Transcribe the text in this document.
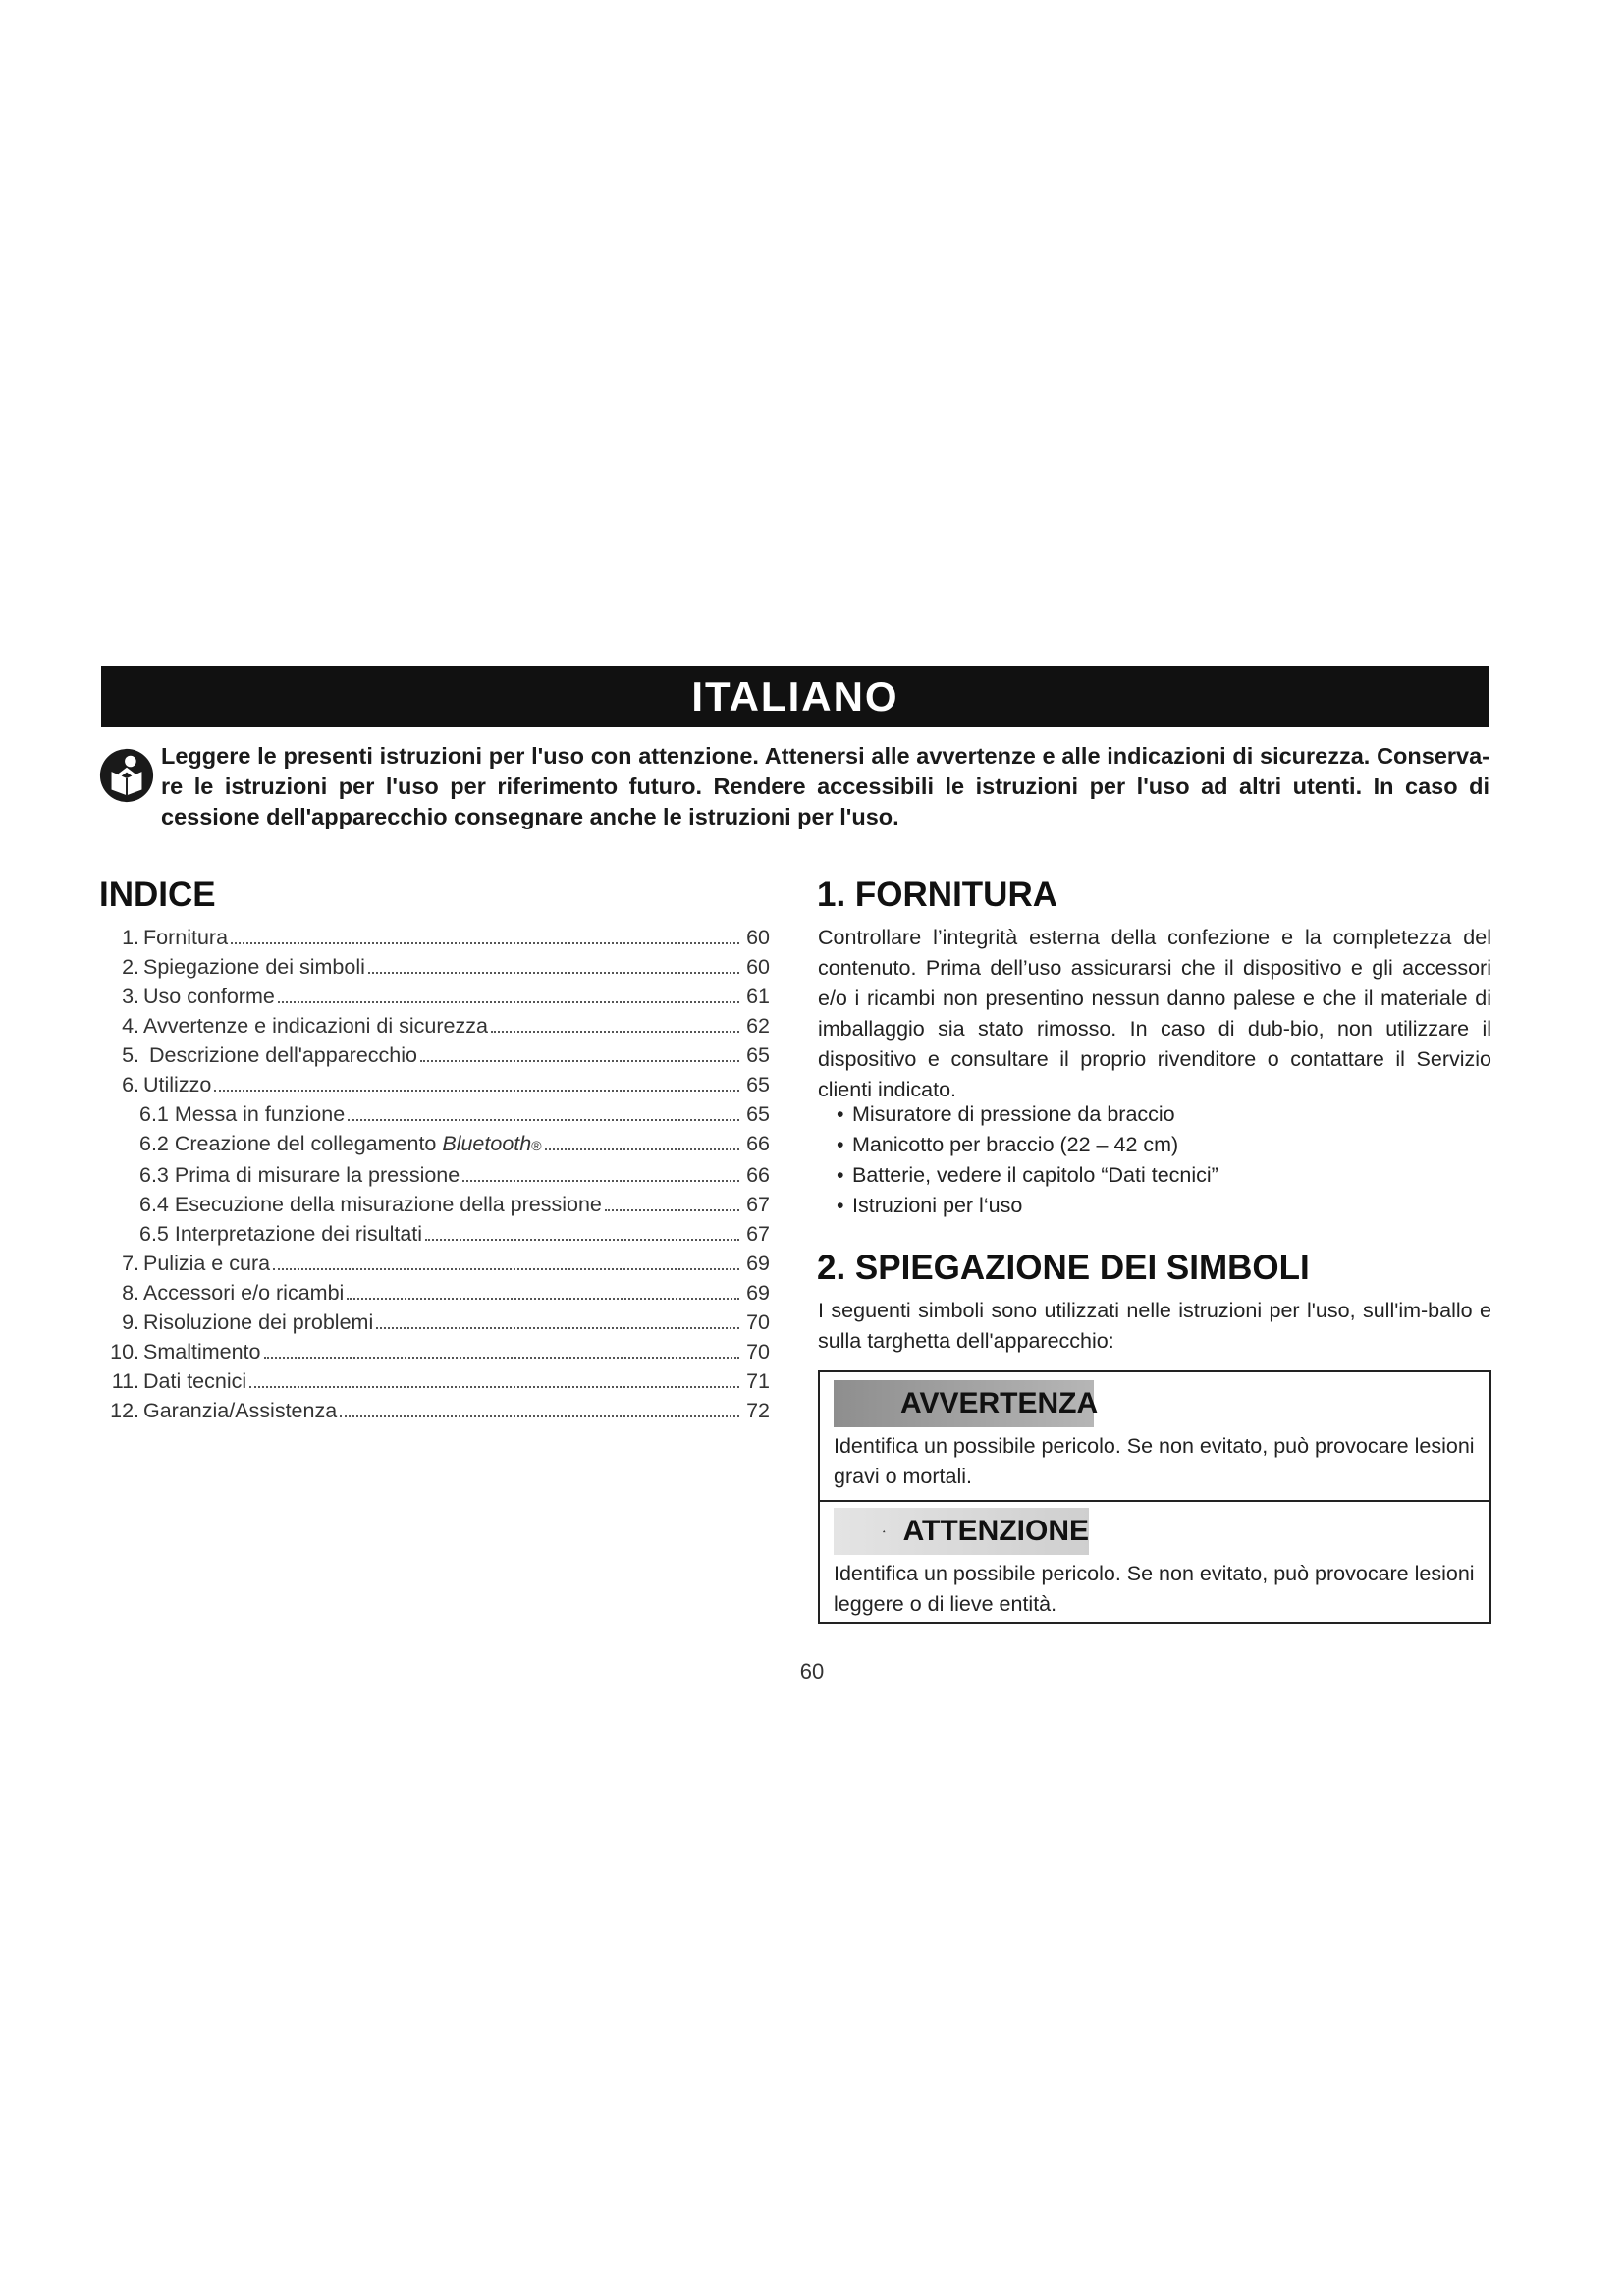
ITALIANO
Leggere le presenti istruzioni per l'uso con attenzione. Attenersi alle avvertenze e alle indicazioni di sicurezza. Conserva-re le istruzioni per l'uso per riferimento futuro. Rendere accessibili le istruzioni per l'uso ad altri utenti. In caso di cessione dell'apparecchio consegnare anche le istruzioni per l'uso.
INDICE
1. Fornitura	60
2. Spiegazione dei simboli	60
3. Uso conforme	61
4. Avvertenze e indicazioni di sicurezza	62
5. Descrizione dell'apparecchio	65
6. Utilizzo	65
6.1 Messa in funzione	65
6.2 Creazione del collegamento Bluetooth ®	66
6.3 Prima di misurare la pressione	66
6.4 Esecuzione della misurazione della pressione	67
6.5 Interpretazione dei risultati	67
7. Pulizia e cura	69
8. Accessori e/o ricambi	69
9. Risoluzione dei problemi	70
10. Smaltimento	70
11. Dati tecnici	71
12. Garanzia/Assistenza	72
1. FORNITURA
Controllare l’integrità esterna della confezione e la completezza del contenuto. Prima dell’uso assicurarsi che il dispositivo e gli accessori e/o i ricambi non presentino nessun danno palese e che il materiale di imballaggio sia stato rimosso. In caso di dub-bio, non utilizzare il dispositivo e consultare il proprio rivenditore o contattare il Servizio clienti indicato.
• Misuratore di pressione da braccio
• Manicotto per braccio (22 – 42 cm)
• Batterie, vedere il capitolo “Dati tecnici”
• Istruzioni per l‘uso
2. SPIEGAZIONE DEI SIMBOLI
I seguenti simboli sono utilizzati nelle istruzioni per l'uso, sull'im-ballo e sulla targhetta dell'apparecchio:
AVVERTENZA
Identifica un possibile pericolo. Se non evitato, può provocare lesioni gravi o mortali.
ATTENZIONE
Identifica un possibile pericolo. Se non evitato, può provocare lesioni leggere o di lieve entità.
60
